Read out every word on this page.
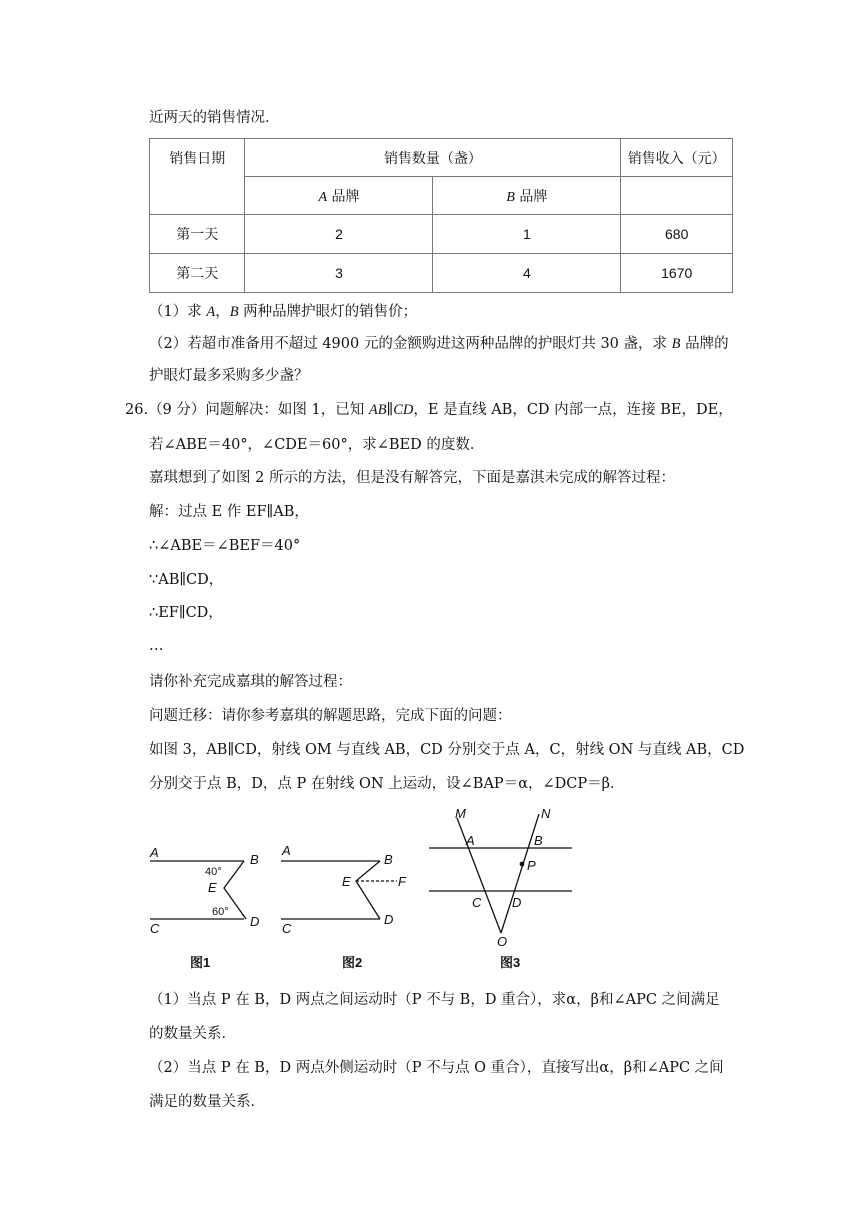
近两天的销售情况．
销售日期	销售数量（盏）		销售收入（元）
	A 品牌	B 品牌	
第一天	2	1	680
第二天	3	4	1670
（1）求 A，B 两种品牌护眼灯的销售价；
（2）若超市准备用不超过 4900 元的金额购进这两种品牌的护眼灯共 30 盏，求 B 品牌的
护眼灯最多采购多少盏？
26.（9 分）问题解决：如图 1，已知 AB∥CD，E 是直线 AB，CD 内部一点，连接 BE，DE，
若∠ABE＝40°，∠CDE＝60°，求∠BED 的度数．
嘉琪想到了如图 2 所示的方法，但是没有解答完，下面是嘉淇未完成的解答过程：
解：过点 E 作 EF∥AB，
∴∠ABE＝∠BEF＝40°
∵AB∥CD，
∴EF∥CD，
…
请你补充完成嘉琪的解答过程：
问题迁移：请你参考嘉琪的解题思路，完成下面的问题：
如图 3，AB∥CD，射线 OM 与直线 AB，CD 分别交于点 A，C，射线 ON 与直线 AB，CD
分别交于点 B，D，点 P 在射线 ON 上运动，设∠BAP＝α，∠DCP＝β．
A	B
C	D
E
40°
60°
图1
A
B
C
D
E	F
图2
M	N
A	B
P
C D
O
图3
（1）当点 P 在 B，D 两点之间运动时（P 不与 B，D 重合），求α，β和∠APC 之间满足
的数量关系．
（2）当点 P 在 B，D 两点外侧运动时（P 不与点 O 重合），直接写出α，β和∠APC 之间
满足的数量关系．
